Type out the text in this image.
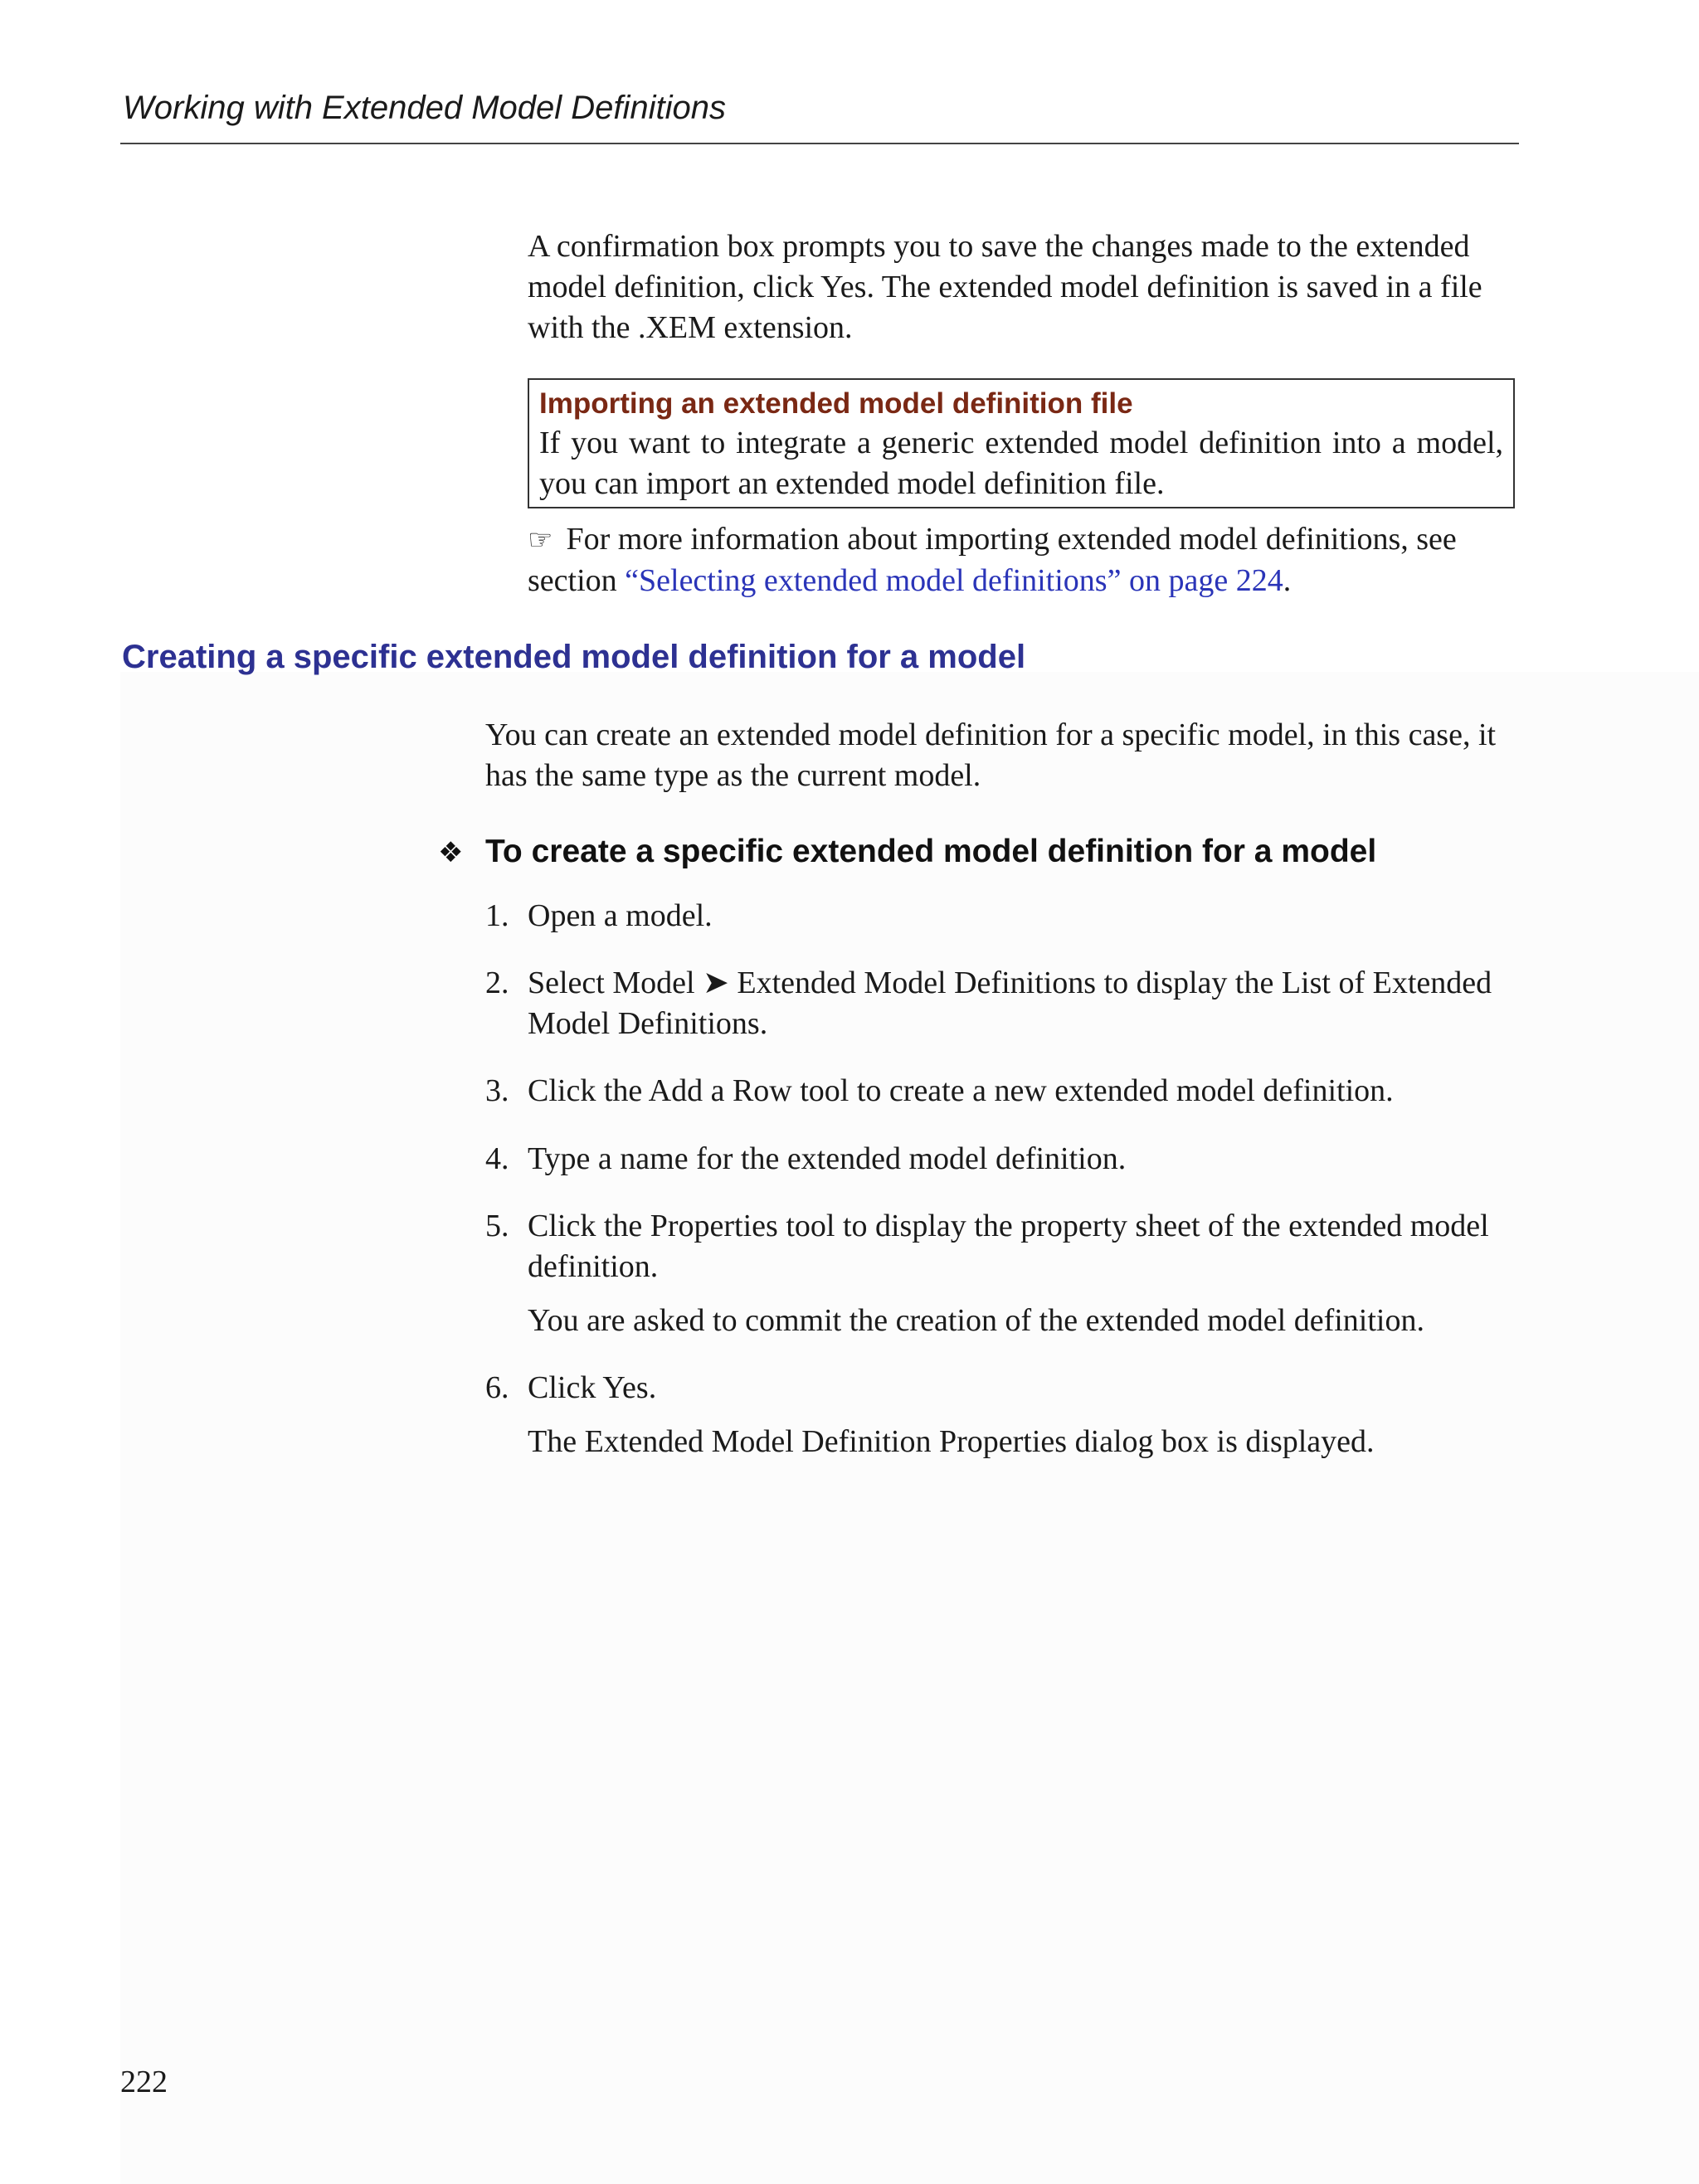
Working with Extended Model Definitions

A confirmation box prompts you to save the changes made to the extended model definition, click Yes. The extended model definition is saved in a file with the .XEM extension.

Importing an extended model definition file
If you want to integrate a generic extended model definition into a model, you can import an extended model definition file.

☞ For more information about importing extended model definitions, see section “Selecting extended model definitions” on page 224.

Creating a specific extended model definition for a model

You can create an extended model definition for a specific model, in this case, it has the same type as the current model.

❖ To create a specific extended model definition for a model
1. Open a model.
2. Select Model ➤ Extended Model Definitions to display the List of Extended Model Definitions.
3. Click the Add a Row tool to create a new extended model definition.
4. Type a name for the extended model definition.
5. Click the Properties tool to display the property sheet of the extended model definition.
You are asked to commit the creation of the extended model definition.
6. Click Yes.
The Extended Model Definition Properties dialog box is displayed.
222
